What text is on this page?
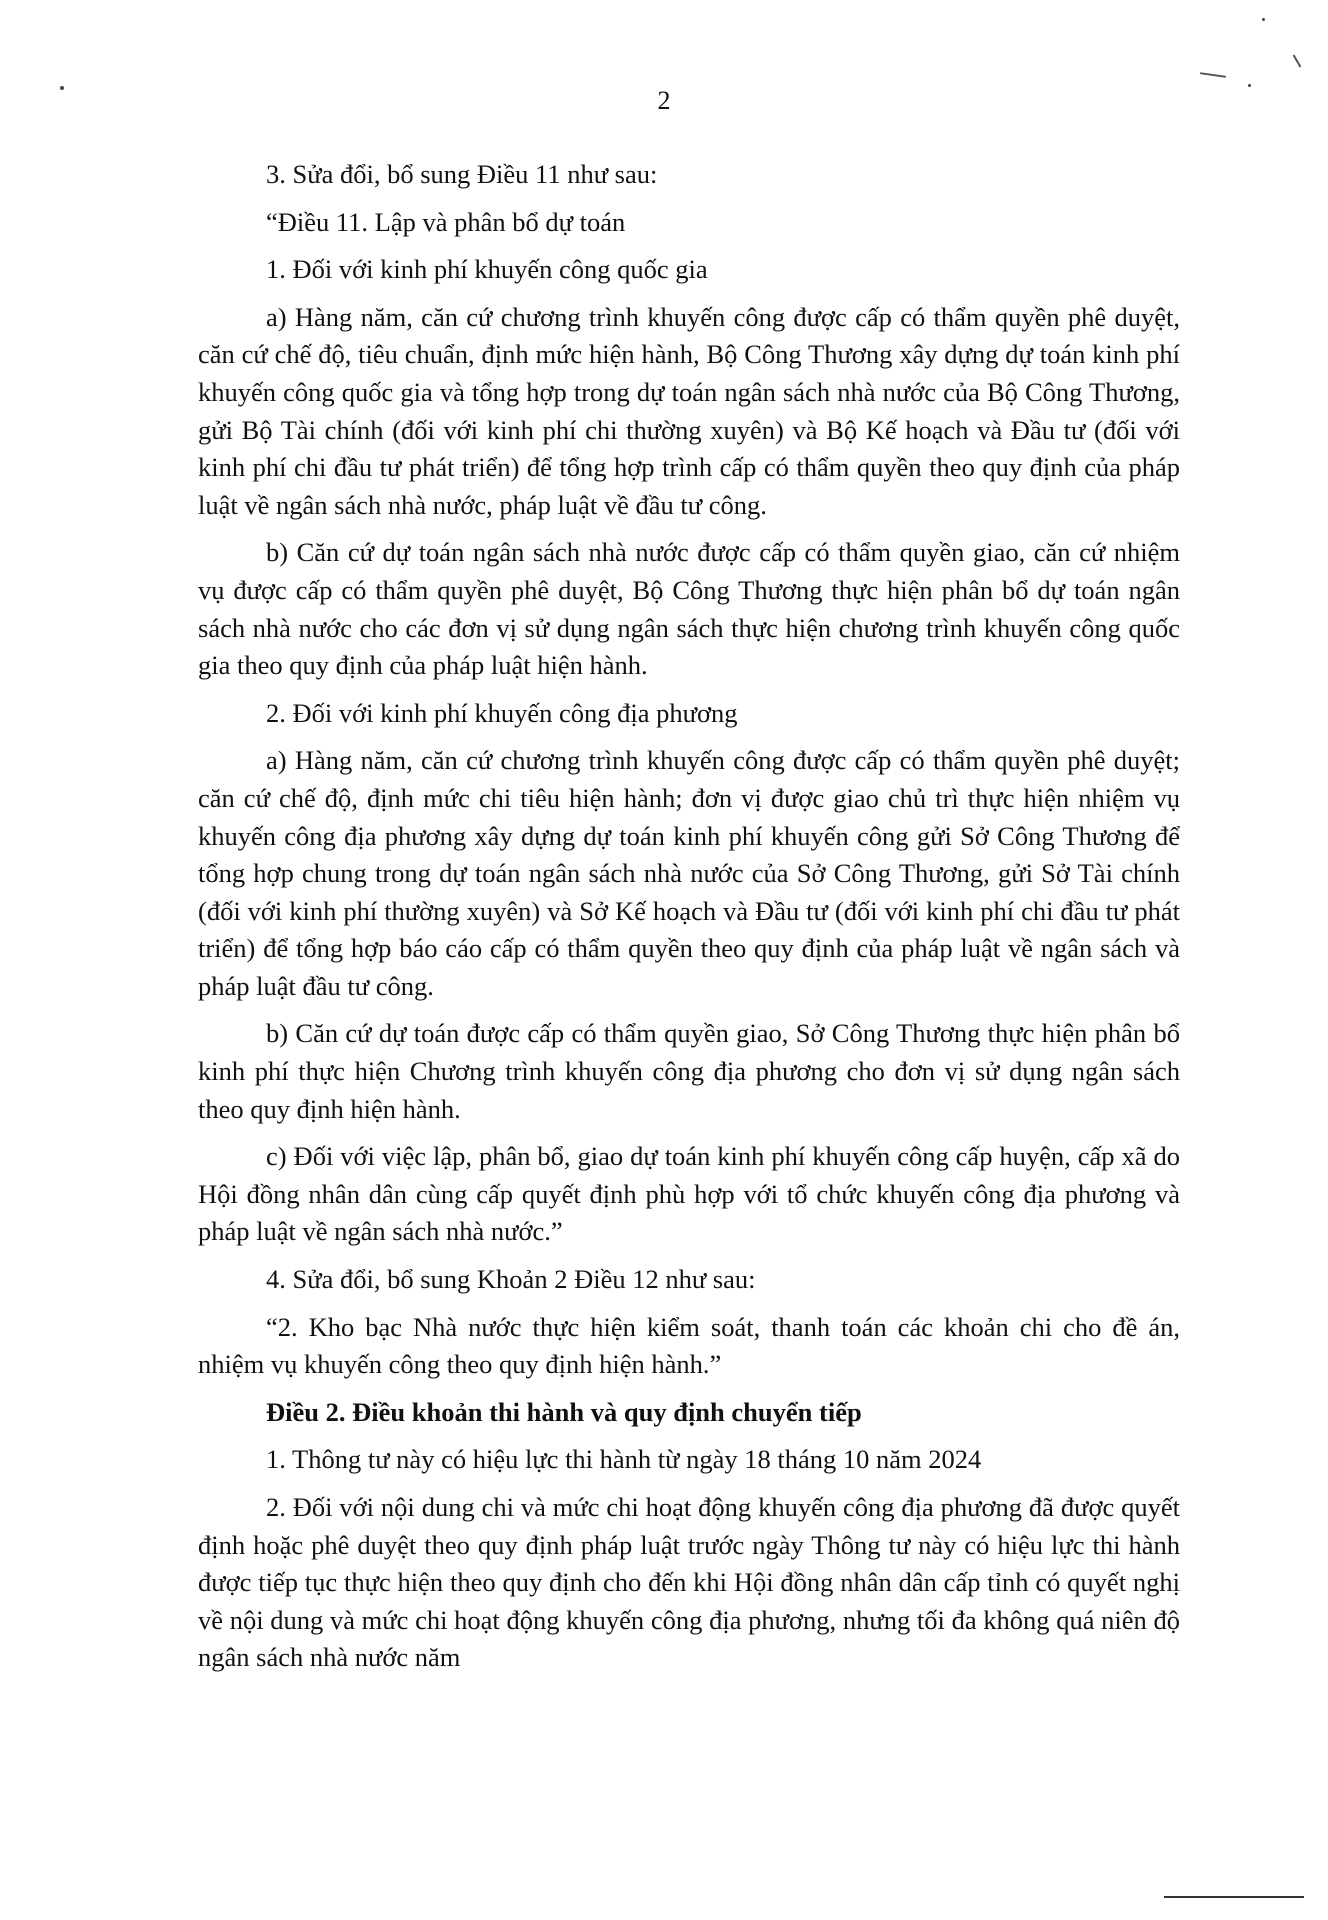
2

3. Sửa đổi, bổ sung Điều 11 như sau:

“Điều 11. Lập và phân bổ dự toán

1. Đối với kinh phí khuyến công quốc gia

a) Hàng năm, căn cứ chương trình khuyến công được cấp có thẩm quyền phê duyệt, căn cứ chế độ, tiêu chuẩn, định mức hiện hành, Bộ Công Thương xây dựng dự toán kinh phí khuyến công quốc gia và tổng hợp trong dự toán ngân sách nhà nước của Bộ Công Thương, gửi Bộ Tài chính (đối với kinh phí chi thường xuyên) và Bộ Kế hoạch và Đầu tư (đối với kinh phí chi đầu tư phát triển) để tổng hợp trình cấp có thẩm quyền theo quy định của pháp luật về ngân sách nhà nước, pháp luật về đầu tư công.

b) Căn cứ dự toán ngân sách nhà nước được cấp có thẩm quyền giao, căn cứ nhiệm vụ được cấp có thẩm quyền phê duyệt, Bộ Công Thương thực hiện phân bổ dự toán ngân sách nhà nước cho các đơn vị sử dụng ngân sách thực hiện chương trình khuyến công quốc gia theo quy định của pháp luật hiện hành.

2. Đối với kinh phí khuyến công địa phương

a) Hàng năm, căn cứ chương trình khuyến công được cấp có thẩm quyền phê duyệt; căn cứ chế độ, định mức chi tiêu hiện hành; đơn vị được giao chủ trì thực hiện nhiệm vụ khuyến công địa phương xây dựng dự toán kinh phí khuyến công gửi Sở Công Thương để tổng hợp chung trong dự toán ngân sách nhà nước của Sở Công Thương, gửi Sở Tài chính (đối với kinh phí thường xuyên) và Sở Kế hoạch và Đầu tư (đối với kinh phí chi đầu tư phát triển) để tổng hợp báo cáo cấp có thẩm quyền theo quy định của pháp luật về ngân sách và pháp luật đầu tư công.

b) Căn cứ dự toán được cấp có thẩm quyền giao, Sở Công Thương thực hiện phân bổ kinh phí thực hiện Chương trình khuyến công địa phương cho đơn vị sử dụng ngân sách theo quy định hiện hành.

c) Đối với việc lập, phân bổ, giao dự toán kinh phí khuyến công cấp huyện, cấp xã do Hội đồng nhân dân cùng cấp quyết định phù hợp với tổ chức khuyến công địa phương và pháp luật về ngân sách nhà nước.”

4. Sửa đổi, bổ sung Khoản 2 Điều 12 như sau:

“2. Kho bạc Nhà nước thực hiện kiểm soát, thanh toán các khoản chi cho đề án, nhiệm vụ khuyến công theo quy định hiện hành.”

Điều 2. Điều khoản thi hành và quy định chuyển tiếp

1. Thông tư này có hiệu lực thi hành từ ngày 18 tháng 10 năm 2024

2. Đối với nội dung chi và mức chi hoạt động khuyến công địa phương đã được quyết định hoặc phê duyệt theo quy định pháp luật trước ngày Thông tư này có hiệu lực thi hành được tiếp tục thực hiện theo quy định cho đến khi Hội đồng nhân dân cấp tỉnh có quyết nghị về nội dung và mức chi hoạt động khuyến công địa phương, nhưng tối đa không quá niên độ ngân sách nhà nước năm
